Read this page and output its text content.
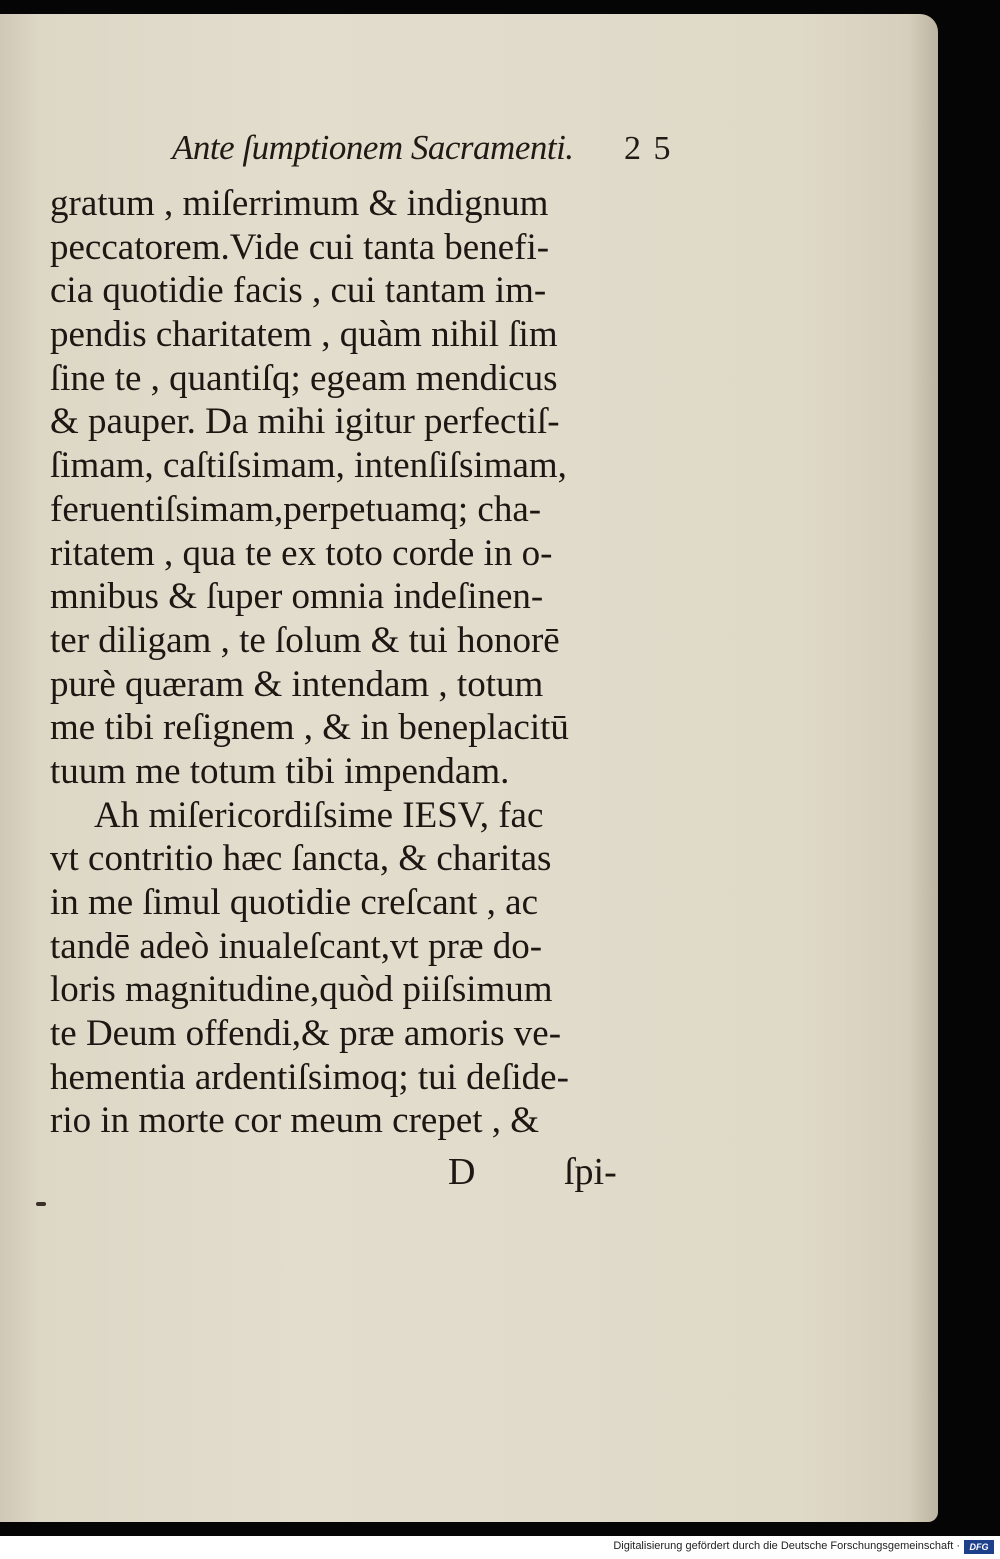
Ante ſumptionem Sacramenti. 2 5
gratum , miſerrimum & indignum
peccatorem.Vide cui tanta benefi-
cia quotidie facis , cui tantam im-
pendis charitatem , quàm nihil ſim
ſine te , quantiſq; egeam mendicus
& pauper. Da mihi igitur perfectiſ-
ſimam, caſtiſsimam, intenſiſsimam,
feruentiſsimam,perpetuamq; cha-
ritatem , qua te ex toto corde in o-
mnibus & ſuper omnia indeſinen-
ter diligam , te ſolum & tui honorē
purè quæram & intendam , totum
me tibi reſignem , & in beneplacitū
tuum me totum tibi impendam.
Ah miſericordiſsime IESV, fac
vt contritio hæc ſancta, & charitas
in me ſimul quotidie creſcant , ac
tandē adeò inualeſcant,vt præ do-
loris magnitudine,quòd piiſsimum
te Deum offendi,& præ amoris ve-
hementia ardentiſsimoq; tui deſide-
rio in morte cor meum crepet , &
D ſpi-
Digitalisierung gefördert durch die Deutsche Forschungsgemeinschaft ·	DFG
